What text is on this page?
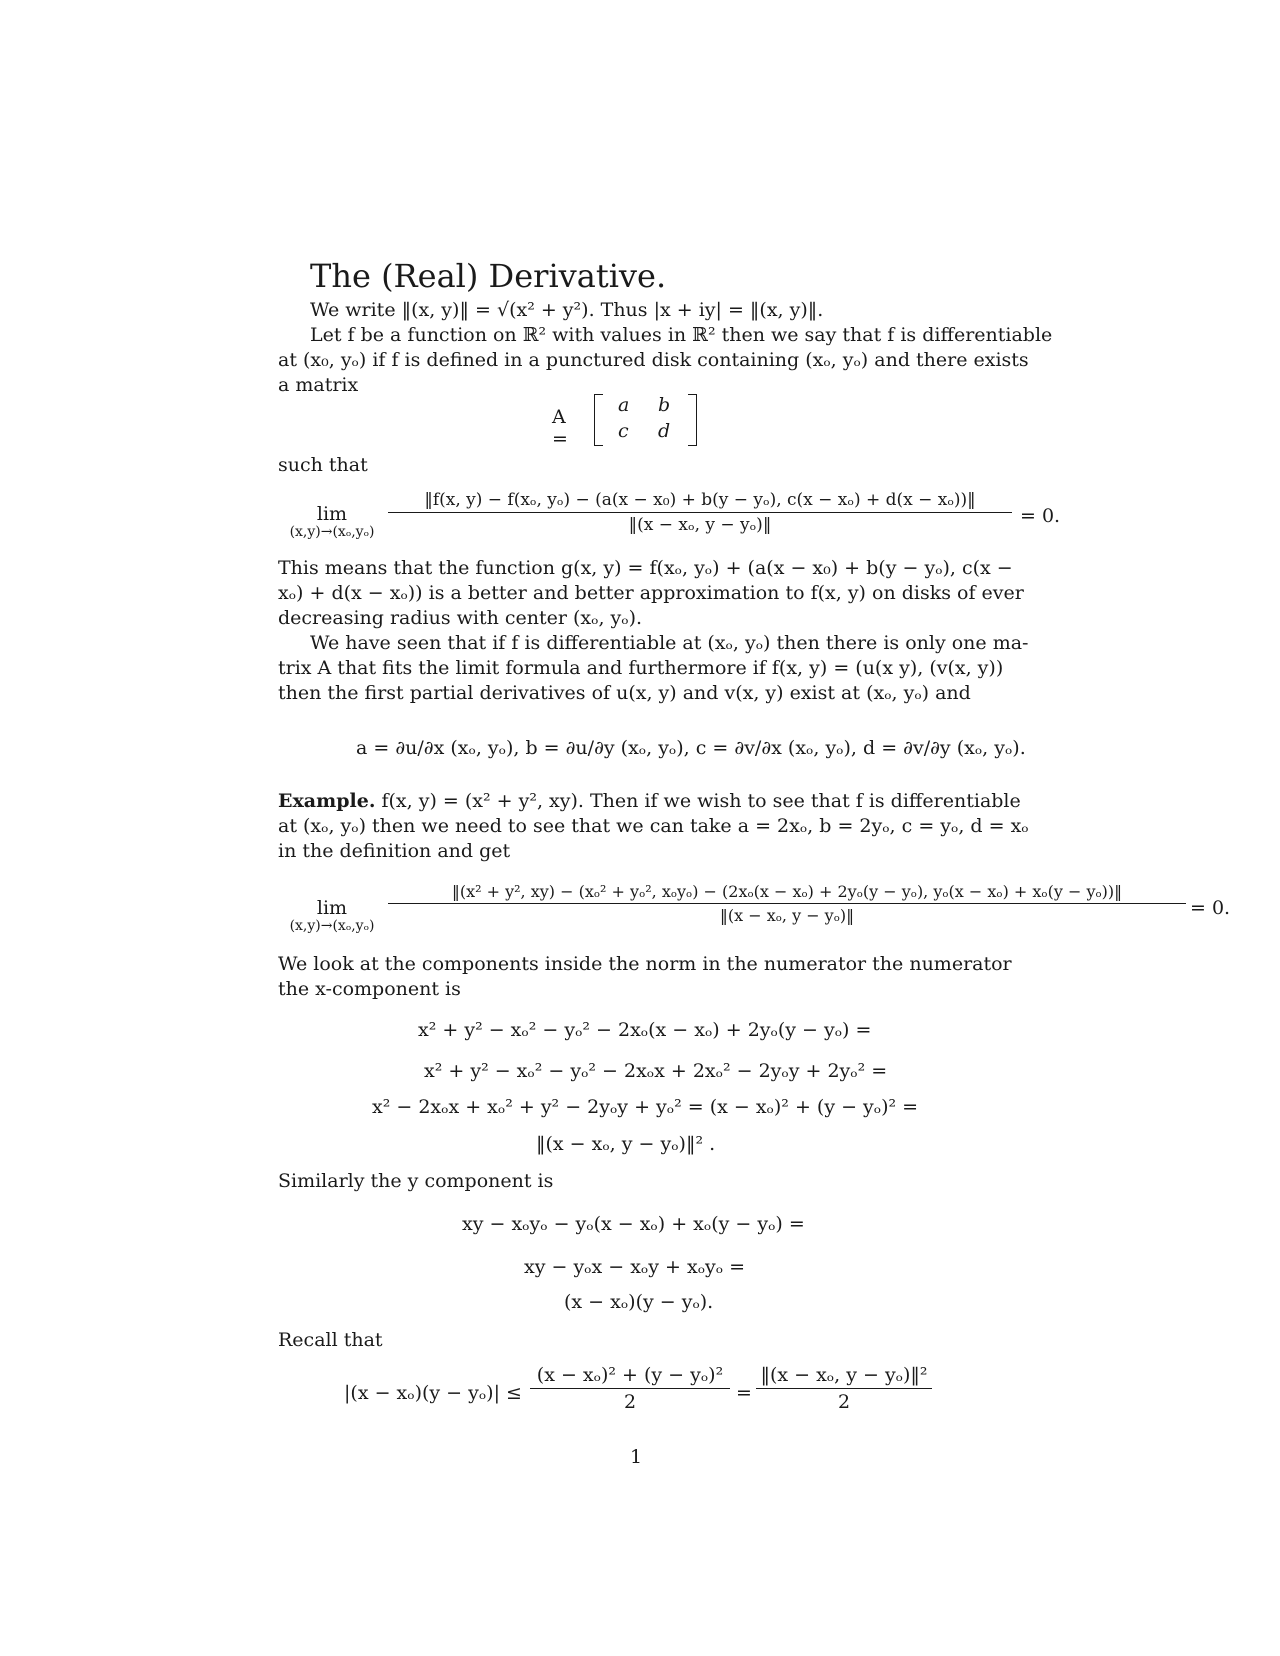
The (Real) Derivative.
We write ‖(x, y)‖ = √(x² + y²). Thus |x + iy| = ‖(x, y)‖.
Let f be a function on ℝ² with values in ℝ² then we say that f is differentiable
at (x₀, yₒ) if f is defined in a punctured disk containing (xₒ, yₒ) and there exists
a matrix
A =
a b
c d
such that
lim
(x,y)→(xₒ,yₒ)
‖f(x, y) − f(xₒ, yₒ) − (a(x − x₀) + b(y − yₒ), c(x − xₒ) + d(x − xₒ))‖
‖(x − xₒ, y − yₒ)‖	= 0.
This means that the function g(x, y) = f(xₒ, yₒ) + (a(x − x₀) + b(y − yₒ), c(x −
xₒ) + d(x − xₒ)) is a better and better approximation to f(x, y) on disks of ever
decreasing radius with center (xₒ, yₒ).
We have seen that if f is differentiable at (xₒ, yₒ) then there is only one ma-
trix A that fits the limit formula and furthermore if f(x, y) = (u(x y), (v(x, y))
then the first partial derivatives of u(x, y) and v(x, y) exist at (xₒ, yₒ) and
a = ∂u/∂x (xₒ, yₒ), b = ∂u/∂y (xₒ, yₒ), c = ∂v/∂x (xₒ, yₒ), d = ∂v/∂y (xₒ, yₒ).
Example. f(x, y) = (x² + y², xy). Then if we wish to see that f is differentiable
at (xₒ, yₒ) then we need to see that we can take a = 2xₒ, b = 2yₒ, c = yₒ, d = xₒ
in the definition and get
lim
(x,y)→(xₒ,yₒ)
‖(x² + y², xy) − (xₒ² + yₒ², xₒyₒ) − (2xₒ(x − xₒ) + 2yₒ(y − yₒ), yₒ(x − xₒ) + xₒ(y − yₒ))‖
‖(x − xₒ, y − yₒ)‖	= 0.
We look at the components inside the norm in the numerator the numerator
the x-component is
x² + y² − xₒ² − yₒ² − 2xₒ(x − xₒ) + 2yₒ(y − yₒ) =
x² + y² − xₒ² − yₒ² − 2xₒx + 2xₒ² − 2yₒy + 2yₒ² =
x² − 2xₒx + xₒ² + y² − 2yₒy + yₒ² = (x − xₒ)² + (y − yₒ)² =
‖(x − xₒ, y − yₒ)‖² .
Similarly the y component is
xy − xₒyₒ − yₒ(x − xₒ) + xₒ(y − yₒ) =
xy − yₒx − xₒy + xₒyₒ =
(x − xₒ)(y − yₒ).
Recall that
$|(x - x_o)(y - y_o)| \le \frac{\text{(x − xₒ)² + (y − yₒ)²}}{2} = \frac{\text{‖(x − xₒ, y − yₒ)‖²}}{2}$
1
